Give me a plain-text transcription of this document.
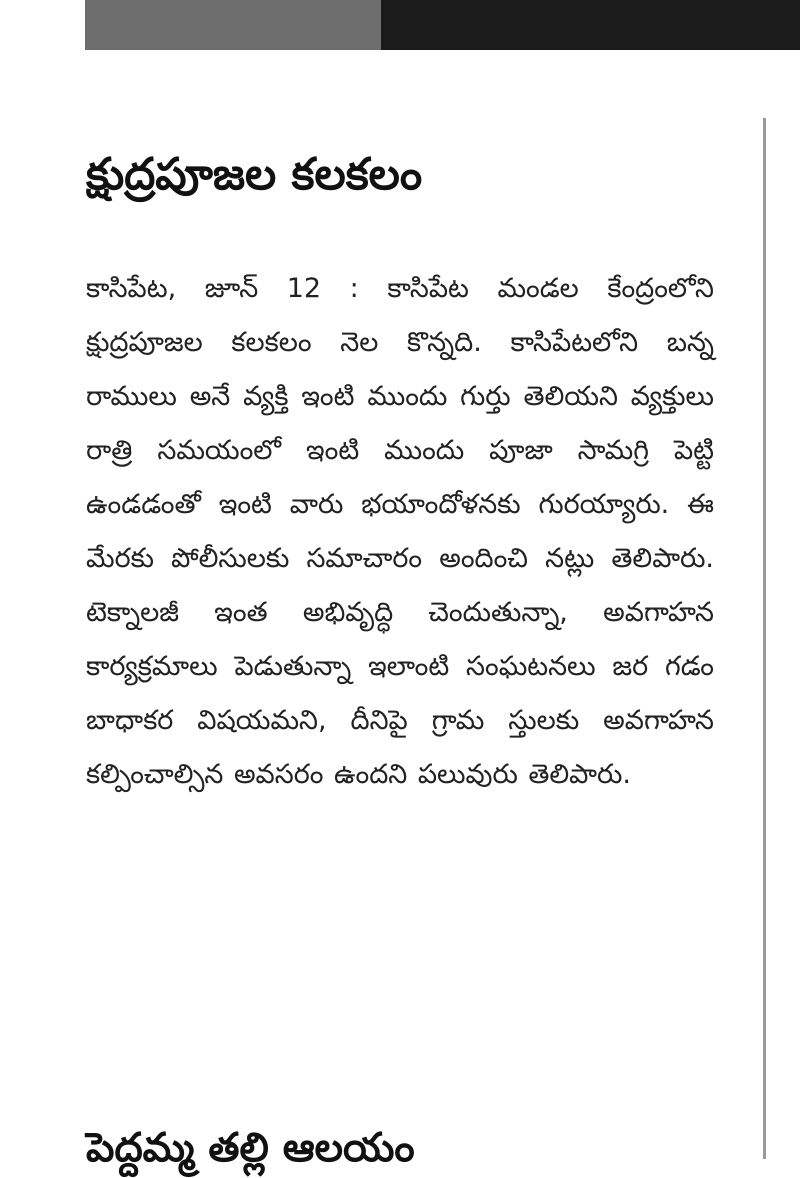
క్షుద్రపూజల కలకలం

కాసిపేట, జూన్ 12 : కాసిపేట మండల కేంద్రంలోని క్షుద్రపూజల కలకలం నెల కొన్నది. కాసిపేటలోని బన్న రాములు అనే వ్యక్తి ఇంటి ముందు గుర్తు తెలియని వ్యక్తులు రాత్రి సమయంలో ఇంటి ముందు పూజా సామగ్రి పెట్టి ఉండడంతో ఇంటి వారు భయాందోళనకు గురయ్యారు. ఈ మేరకు పోలీసులకు సమాచారం అందించి నట్లు తెలిపారు. టెక్నాలజీ ఇంత అభివృద్ధి చెందుతున్నా, అవగాహన కార్యక్రమాలు పెడుతున్నా ఇలాంటి సంఘటనలు జర గడం బాధాకర విషయమని, దీనిపై గ్రామ స్తులకు అవగాహన కల్పించాల్సిన అవసరం ఉందని పలువురు తెలిపారు.

పెద్దమ్మ తల్లి ఆలయం
